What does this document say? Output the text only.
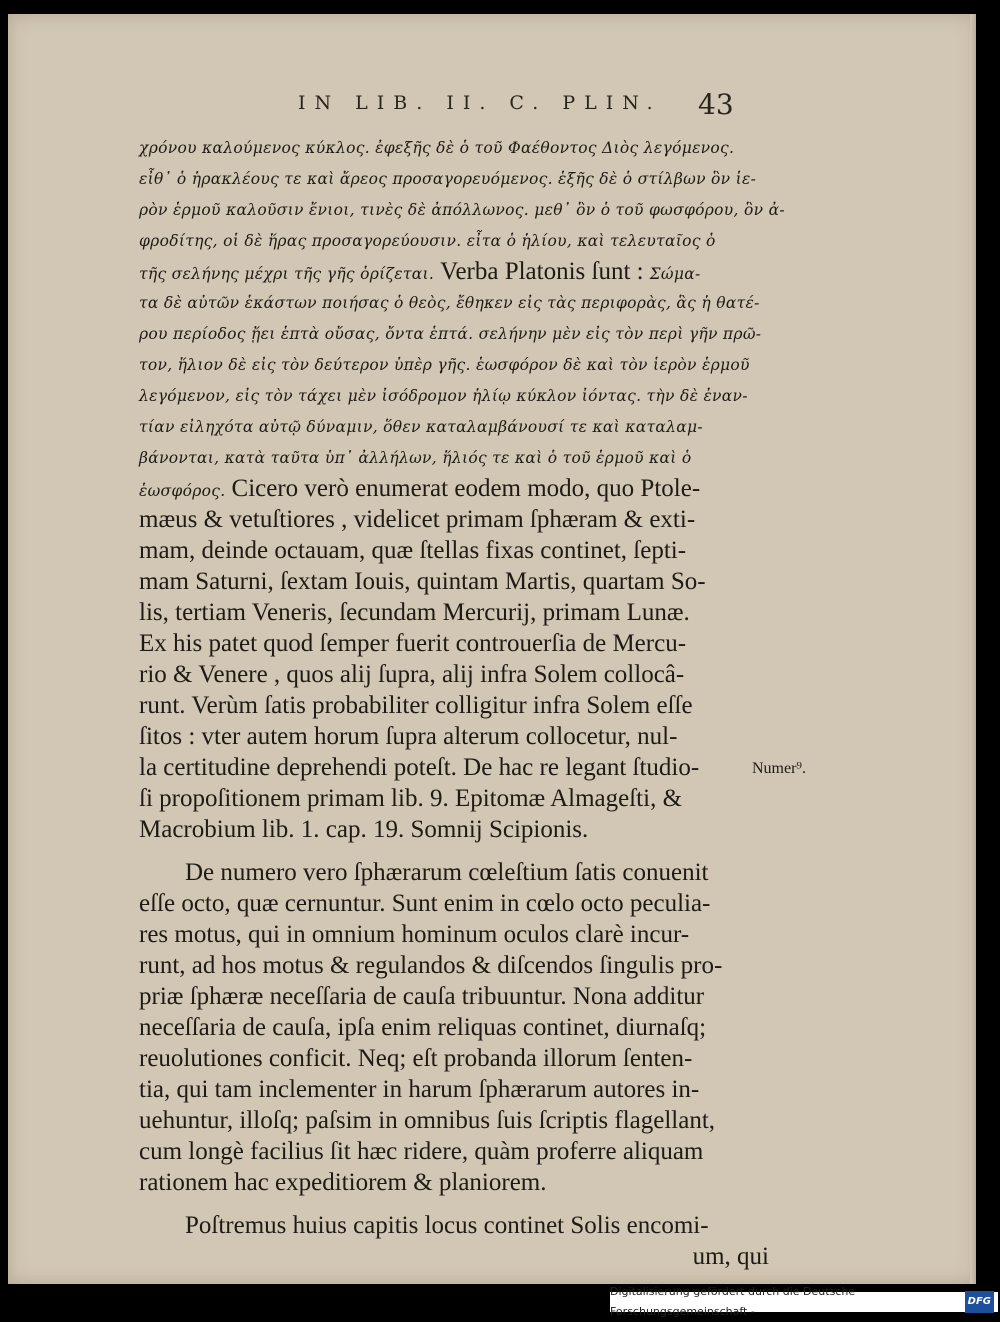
IN LIB. II. C. PLIN. 43
χρόνου καλούμενος κύκλος. ἐφεξῆς δὲ ὁ τοῦ Φαέθοντος Διὸς λεγόμενος.
εἶθ᾽ ὁ ἡρακλέους τε καὶ ἄρεος προσαγορευόμενος. ἑξῆς δὲ ὁ στίλβων ὃν ἱε-
ρὸν ἑρμοῦ καλοῦσιν ἔνιοι, τινὲς δὲ ἀπόλλωνος. μεθ᾽ ὃν ὁ τοῦ φωσφόρου, ὃν ἀ-
φροδίτης, οἱ δὲ ἥρας προσαγορεύουσιν. εἶτα ὁ ἡλίου, καὶ τελευταῖος ὁ
τῆς σελήνης μέχρι τῆς γῆς ὁρίζεται. Verba Platonis ſunt : Σώμα-
τα δὲ αὐτῶν ἑκάστων ποιήσας ὁ θεὸς, ἔθηκεν εἰς τὰς περιφορὰς, ἃς ἡ θατέ-
ρου περίοδος ᾔει ἑπτὰ οὔσας, ὄντα ἑπτά. σελήνην μὲν εἰς τὸν περὶ γῆν πρῶ-
τον, ἥλιον δὲ εἰς τὸν δεύτερον ὑπὲρ γῆς. ἑωσφόρον δὲ καὶ τὸν ἱερὸν ἑρμοῦ
λεγόμενον, εἰς τὸν τάχει μὲν ἰσόδρομον ἡλίῳ κύκλον ἰόντας. τὴν δὲ ἐναν-
τίαν εἰληχότα αὐτῷ δύναμιν, ὅθεν καταλαμβάνουσί τε καὶ καταλαμ-
βάνονται, κατὰ ταῦτα ὑπ᾽ ἀλλήλων, ἥλιός τε καὶ ὁ τοῦ ἑρμοῦ καὶ ὁ
ἑωσφόρος. Cicero verò enumerat eodem modo, quo Ptole-
mæus & vetuſtiores , videlicet primam ſphæram & exti-
mam, deinde octauam, quæ ſtellas fixas continet, ſepti-
mam Saturni, ſextam Iouis, quintam Martis, quartam So-
lis, tertiam Veneris, ſecundam Mercurij, primam Lunæ.
Ex his patet quod ſemper fuerit controuerſia de Mercu-
rio & Venere , quos alij ſupra, alij infra Solem collocâ-
runt. Verùm ſatis probabiliter colligitur infra Solem eſſe
ſitos : vter autem horum ſupra alterum collocetur, nul-
la certitudine deprehendi poteſt. De hac re legant ſtudio-
ſi propoſitionem primam lib. 9. Epitomæ Almageſti, &
Macrobium lib. 1. cap. 19. Somnij Scipionis.
De numero vero ſphærarum cœleſtium ſatis conuenit
eſſe octo, quæ cernuntur. Sunt enim in cœlo octo peculia-
res motus, qui in omnium hominum oculos clarè incur-
runt, ad hos motus & regulandos & diſcendos ſingulis pro-
priæ ſphæræ neceſſaria de cauſa tribuuntur. Nona additur
neceſſaria de cauſa, ipſa enim reliquas continet, diurnaſq;
reuolutiones conficit. Neq; eſt probanda illorum ſenten-
tia, qui tam inclementer in harum ſphærarum autores in-
uehuntur, illoſq; paſsim in omnibus ſuis ſcriptis flagellant,
cum longè facilius ſit hæc ridere, quàm proferre aliquam
rationem hac expeditiorem & planiorem.
Poſtremus huius capitis locus continet Solis encomi-
um, qui
Numer⁹.
Digitalisierung gefördert durch die Deutsche Forschungsgemeinschaft -
DFG
